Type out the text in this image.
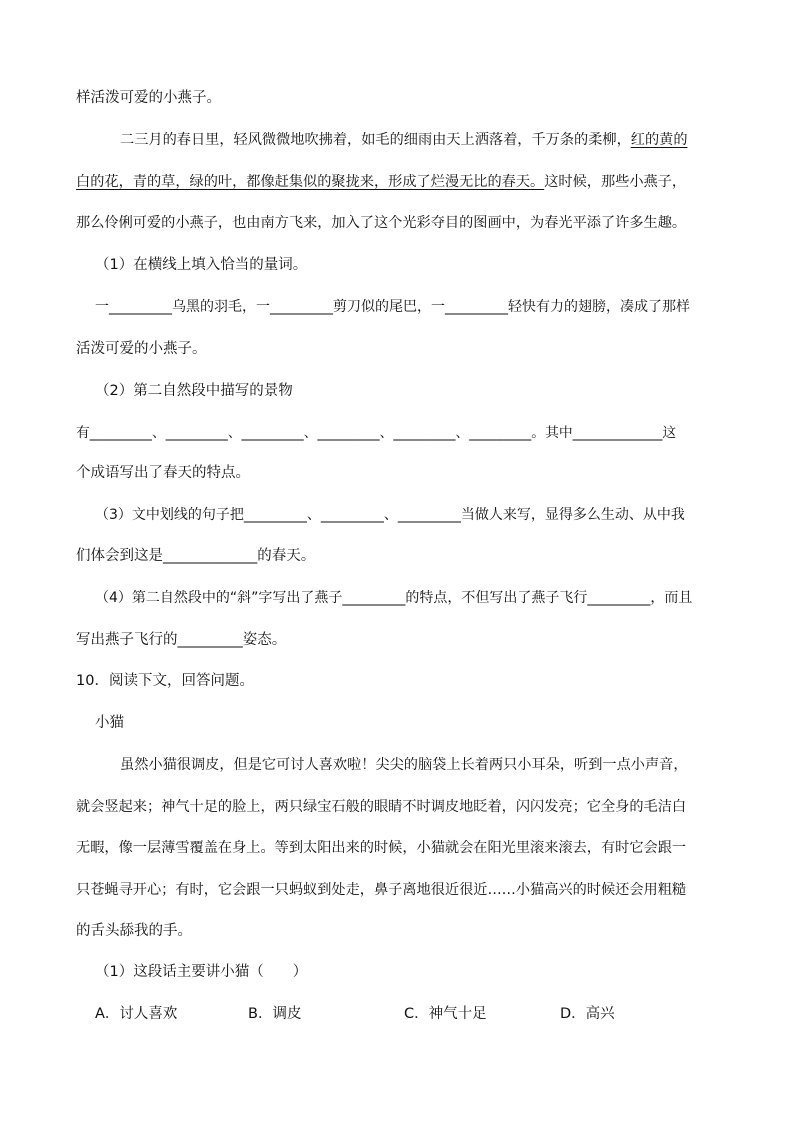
样活泼可爱的小燕子。
二三月的春日里，轻风微微地吹拂着，如毛的细雨由天上洒落着，千万条的柔柳，红的黄的
白的花，青的草，绿的叶，都像赶集似的聚拢来，形成了烂漫无比的春天。这时候，那些小燕子，
那么伶俐可爱的小燕子，也由南方飞来，加入了这个光彩夺目的图画中，为春光平添了许多生趣。
（1）在横线上填入恰当的量词。
一_________乌黑的羽毛，一_________剪刀似的尾巴，一_________轻快有力的翅膀，凑成了那样
活泼可爱的小燕子。
（2）第二自然段中描写的景物
有_________、_________、_________、_________、_________、_________。其中_____________这
个成语写出了春天的特点。
（3）文中划线的句子把_________、_________、_________当做人来写，显得多么生动、从中我
们体会到这是_____________的春天。
（4）第二自然段中的“斜”字写出了燕子_________的特点，不但写出了燕子飞行_________，而且
写出燕子飞行的_________姿态。
10．阅读下文，回答问题。
小猫
虽然小猫很调皮，但是它可讨人喜欢啦！尖尖的脑袋上长着两只小耳朵，听到一点小声音，
就会竖起来；神气十足的脸上，两只绿宝石般的眼睛不时调皮地眨着，闪闪发亮；它全身的毛洁白
无暇，像一层薄雪覆盖在身上。等到太阳出来的时候，小猫就会在阳光里滚来滚去，有时它会跟一
只苍蝇寻开心；有时，它会跟一只蚂蚁到处走，鼻子离地很近很近……小猫高兴的时候还会用粗糙
的舌头舔我的手。
（1）这段话主要讲小猫（　　）
A．讨人喜欢	B．调皮	C．神气十足	D．高兴
